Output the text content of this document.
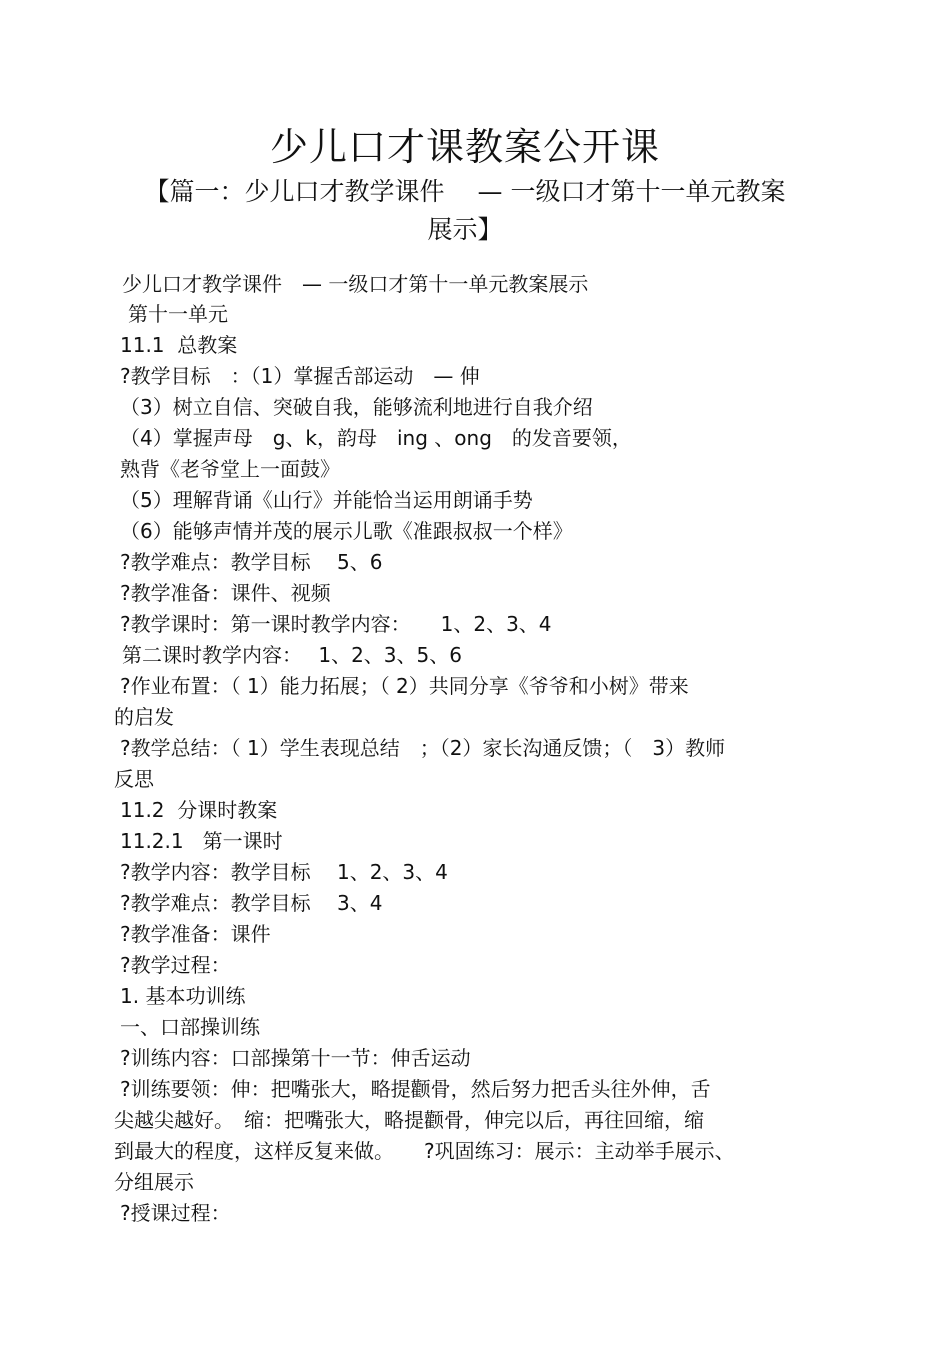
少儿口才课教案公开课
【篇一：少儿口才教学课件　 — 一级口才第十一单元教案
展示】
少儿口才教学课件　— 一级口才第十一单元教案展示
第十一单元
11.1  总教案
?教学目标　：（1）掌握舌部运动　— 伸
（3）树立自信、突破自我，能够流利地进行自我介绍
（4）掌握声母　g、k，韵母　ing 、ong　的发音要领，
熟背《老爷堂上一面鼓》
（5）理解背诵《山行》并能恰当运用朗诵手势
（6）能够声情并茂的展示儿歌《准跟叔叔一个样》
?教学难点：教学目标　 5、6
?教学准备：课件、视频
?教学课时：第一课时教学内容：　　1、2、3、4
第二课时教学内容：　 1、2、3、5、6
?作业布置：（ 1）能力拓展；（ 2）共同分享《爷爷和小树》带来
的启发
?教学总结：（ 1）学生表现总结　；（2）家长沟通反馈；（　3）教师
反思
11.2  分课时教案
11.2.1   第一课时
?教学内容：教学目标　 1、2、3、4
?教学难点：教学目标　 3、4
?教学准备：课件
?教学过程：
1. 基本功训练
一、口部操训练
?训练内容：口部操第十一节：伸舌运动
?训练要领：伸：把嘴张大，略提颧骨，然后努力把舌头往外伸，舌
尖越尖越好。　缩：把嘴张大，略提颧骨，伸完以后，再往回缩，缩
到最大的程度，这样反复来做。　　?巩固练习：展示：主动举手展示、
分组展示
?授课过程：
